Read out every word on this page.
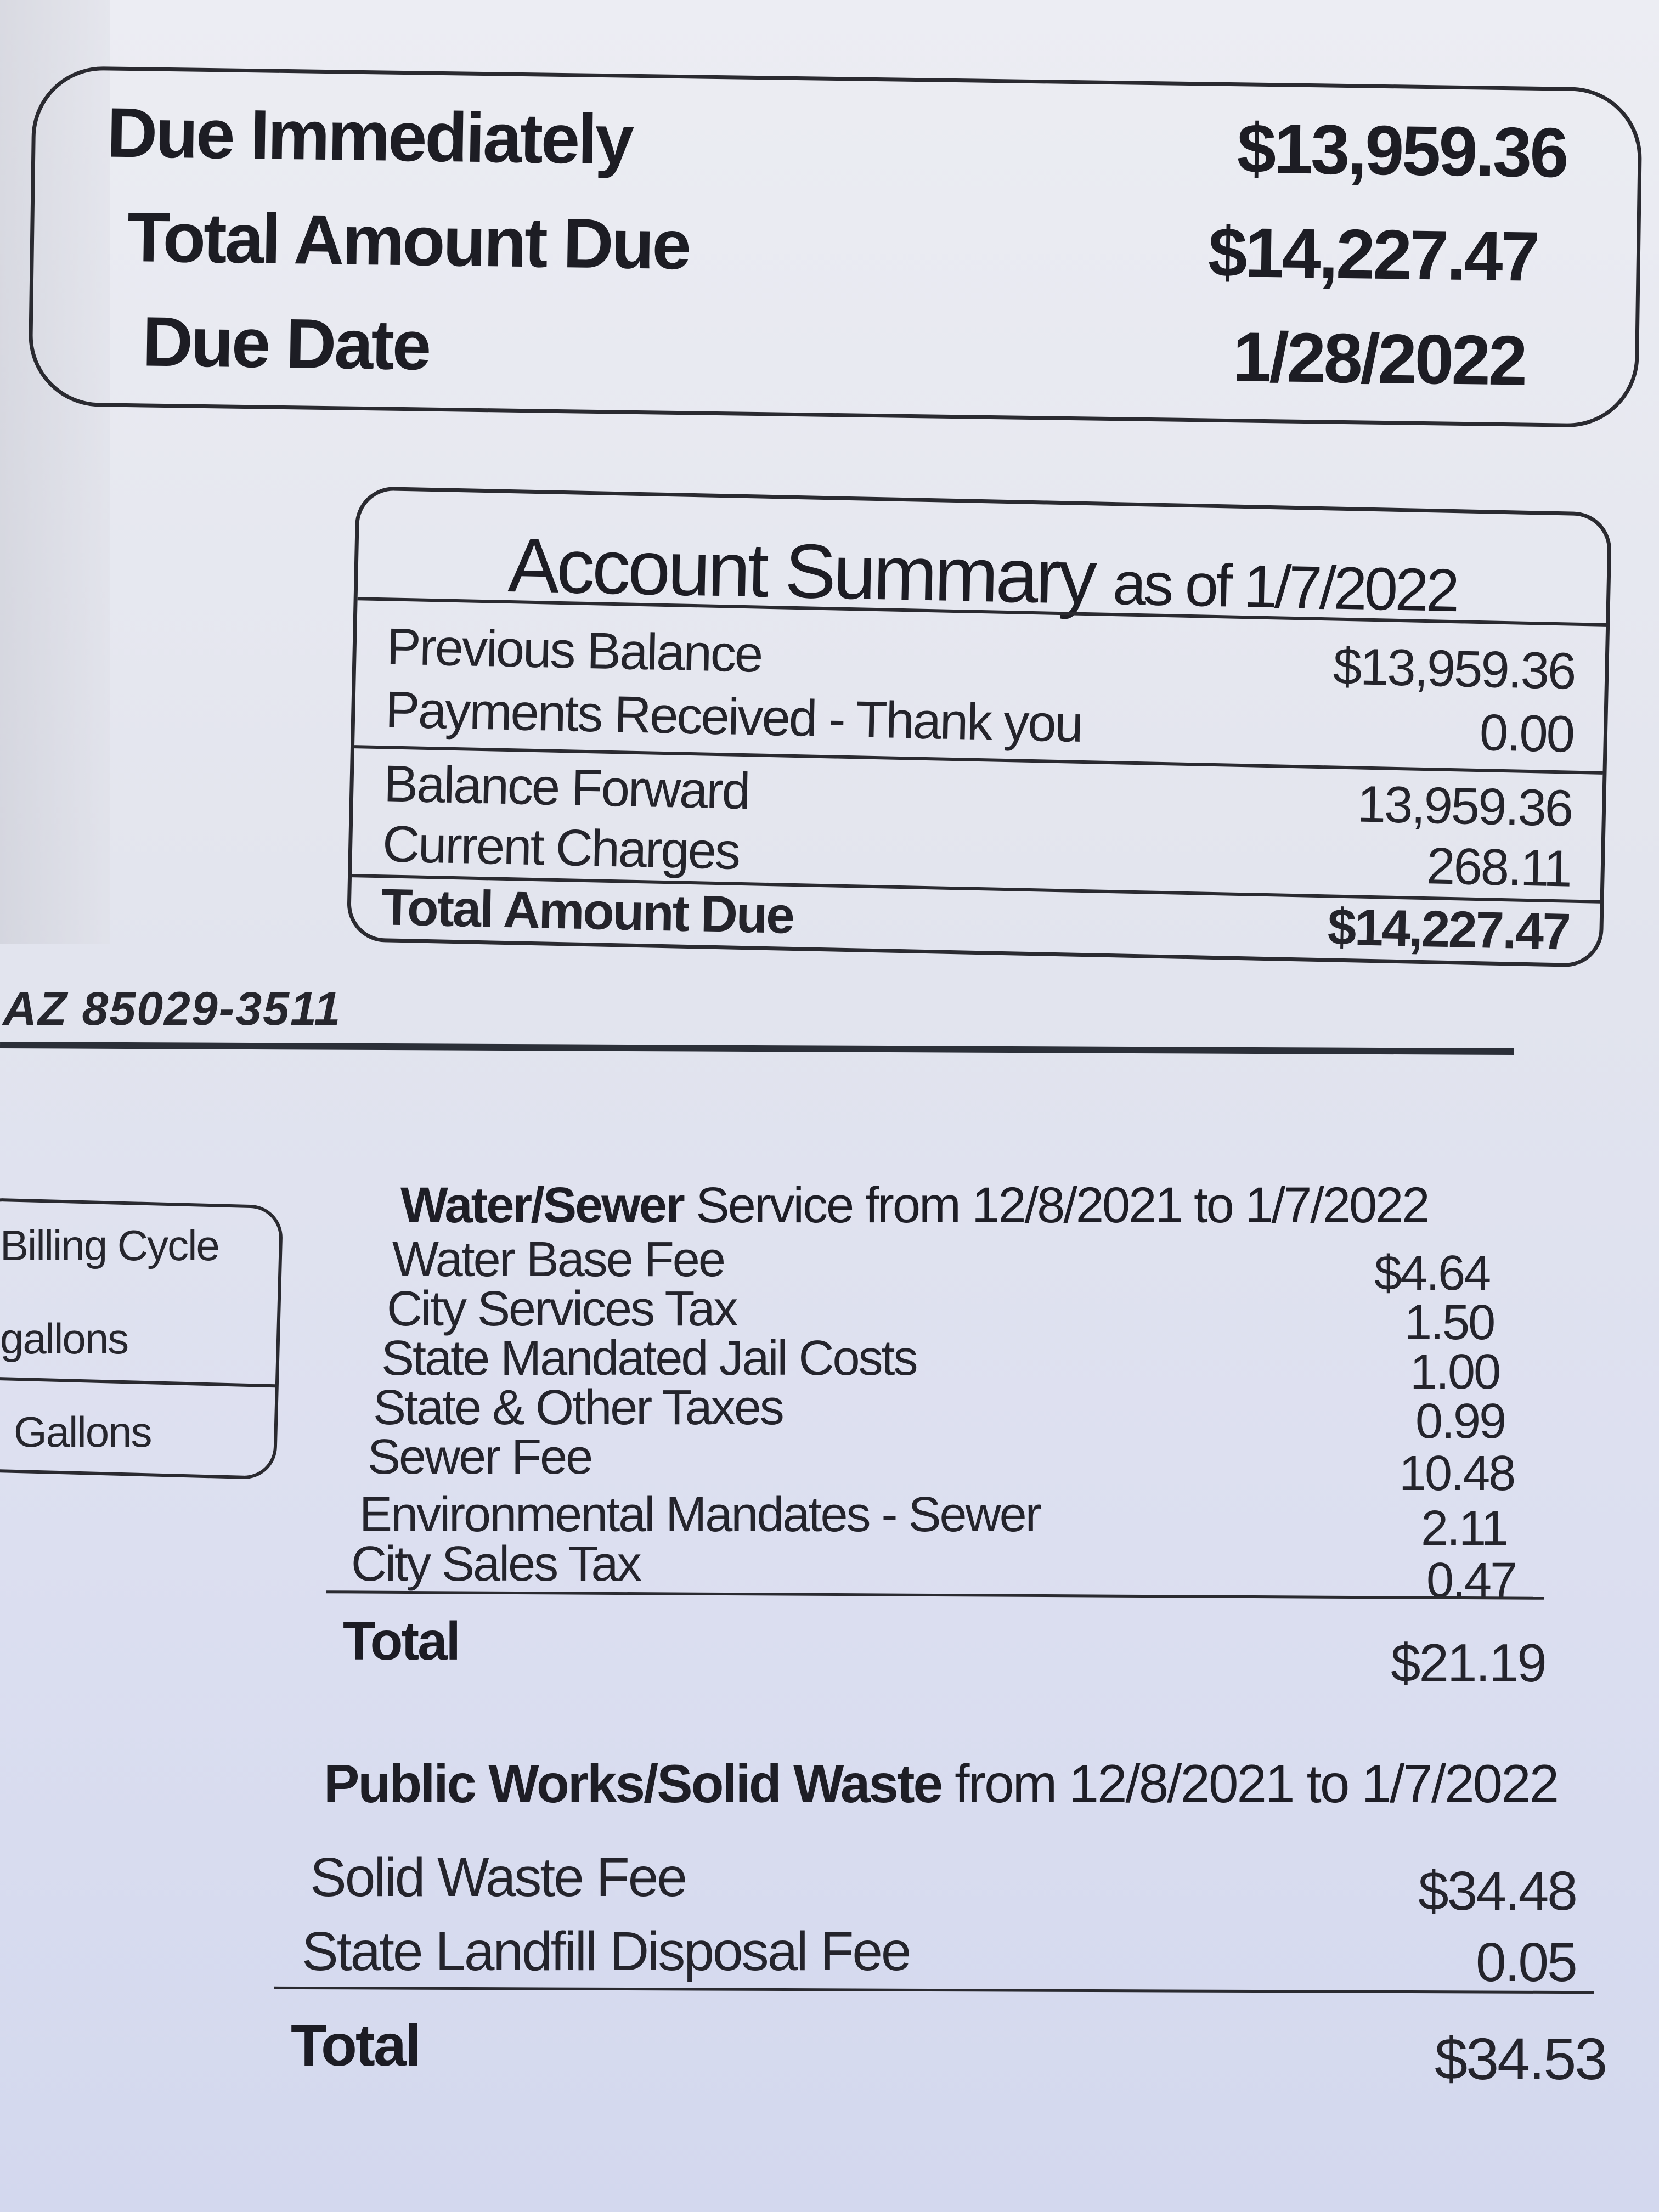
Due Immediately	$13,959.36
Total Amount Due	$14,227.47
Due Date	1/28/2022
Account Summary as of 1/7/2022
Previous Balance	$13,959.36
Payments Received - Thank you	0.00
Balance Forward	13,959.36
Current Charges	268.11
Total Amount Due	$14,227.47
AZ 85029-3511
Billing Cycle
gallons
Gallons
Water/Sewer Service from 12/8/2021 to 1/7/2022
Water Base Fee	$4.64
City Services Tax	1.50
State Mandated Jail Costs	1.00
State & Other Taxes	0.99
Sewer Fee	10.48
Environmental Mandates - Sewer	2.11
City Sales Tax	0.47
Total	$21.19
Public Works/Solid Waste from 12/8/2021 to 1/7/2022
Solid Waste Fee	$34.48
State Landfill Disposal Fee	0.05
Total	$34.53
